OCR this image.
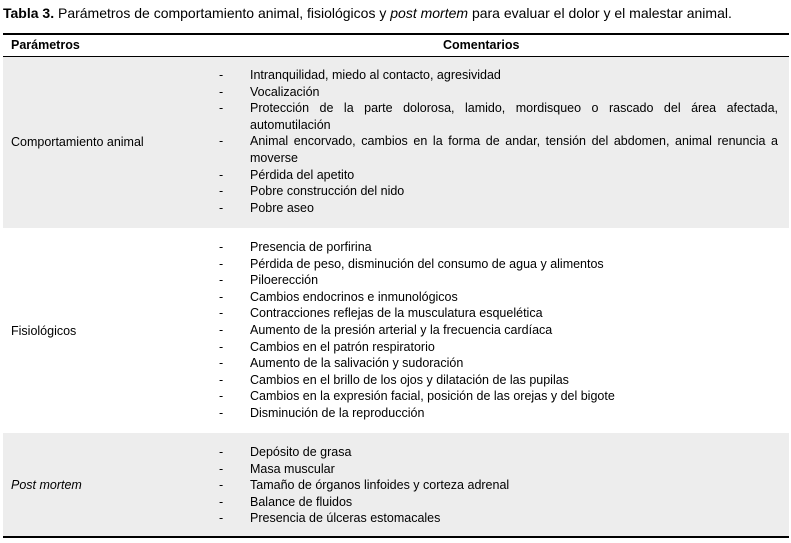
Tabla 3. Parámetros de comportamiento animal, fisiológicos y post mortem para evaluar el dolor y el malestar animal.
Parámetros	Comentarios
Comportamiento animal
- Intranquilidad, miedo al contacto, agresividad
- Vocalización
- Protección de la parte dolorosa, lamido, mordisqueo o rascado del área afectada, automutilación
- Animal encorvado, cambios en la forma de andar, tensión del abdomen, animal renuncia a moverse
- Pérdida del apetito
- Pobre construcción del nido
- Pobre aseo
Fisiológicos
- Presencia de porfirina
- Pérdida de peso, disminución del consumo de agua y alimentos
- Piloerección
- Cambios endocrinos e inmunológicos
- Contracciones reflejas de la musculatura esquelética
- Aumento de la presión arterial y la frecuencia cardíaca
- Cambios en el patrón respiratorio
- Aumento de la salivación y sudoración
- Cambios en el brillo de los ojos y dilatación de las pupilas
- Cambios en la expresión facial, posición de las orejas y del bigote
- Disminución de la reproducción
Post mortem
- Depósito de grasa
- Masa muscular
- Tamaño de órganos linfoides y corteza adrenal
- Balance de fluidos
- Presencia de úlceras estomacales
